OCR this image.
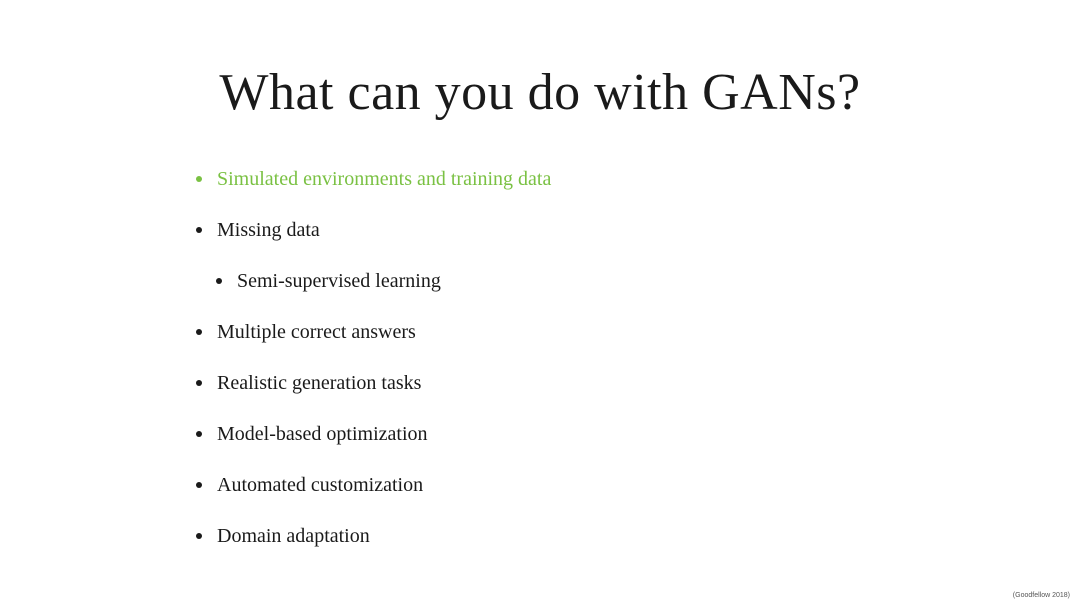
What can you do with GANs?
Simulated environments and training data
Missing data
Semi-supervised learning
Multiple correct answers
Realistic generation tasks
Model-based optimization
Automated customization
Domain adaptation
(Goodfellow 2018)
